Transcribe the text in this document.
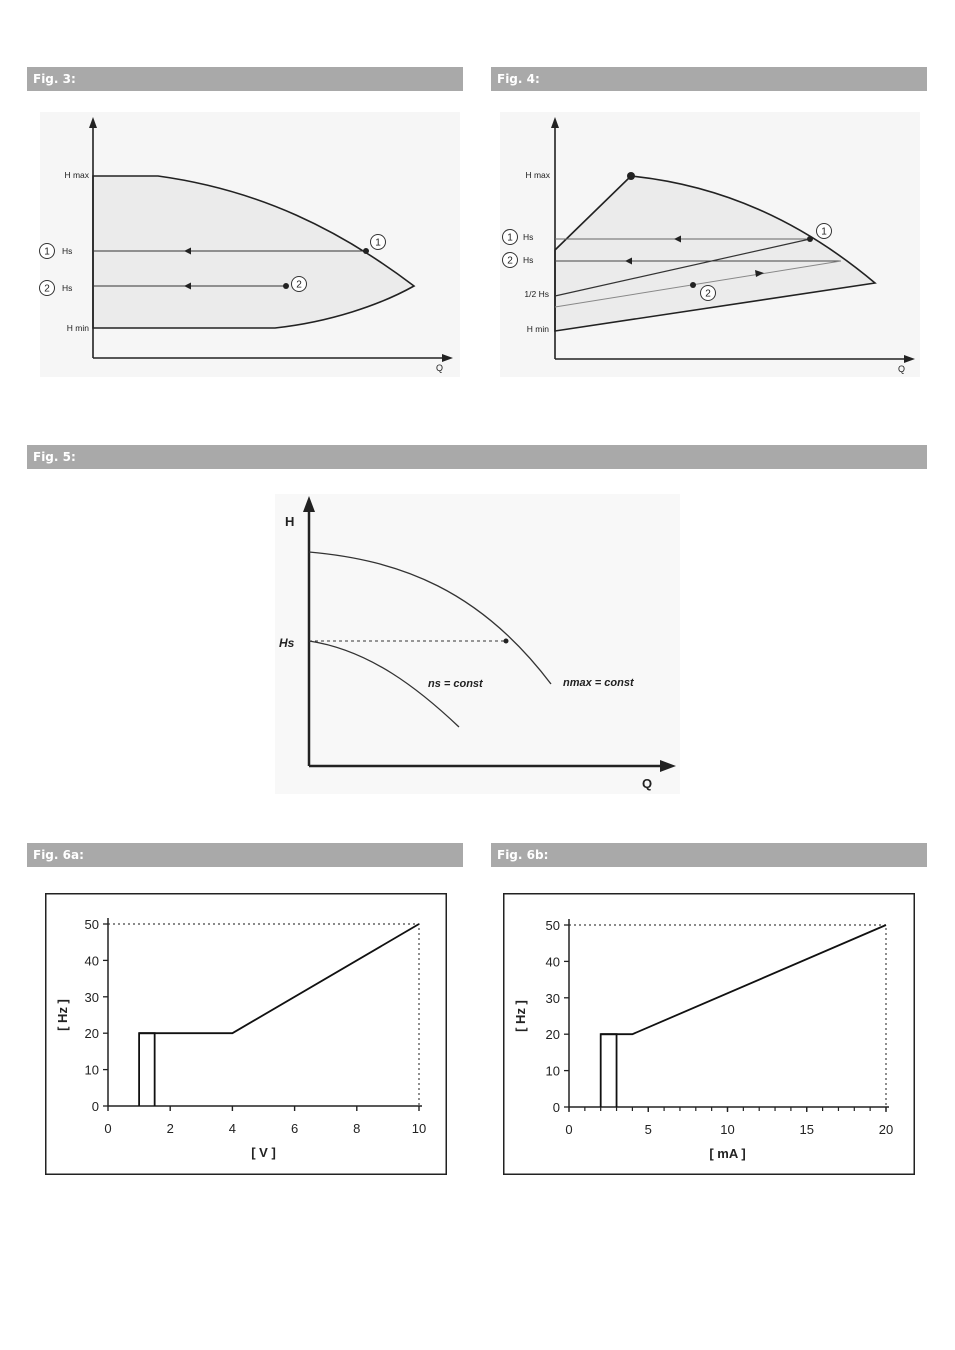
Fig. 3:	Fig. 4:
Fig. 5:
Fig. 6a:	Fig. 6b:
1
2
1
2
H max
Hs
Hs
H min
Q
1
2
1
2
H max
Hs
Hs
1/2 Hs
H min
Q
H
Hs
Q
ns = const	nmax = const
0
10
20
30
40
50
0	2	4	6	8	10
[ Hz ]
[ V ]
0
10
20
30
40
50
0	5	10	15	20
[ Hz ]
[ mA ]
